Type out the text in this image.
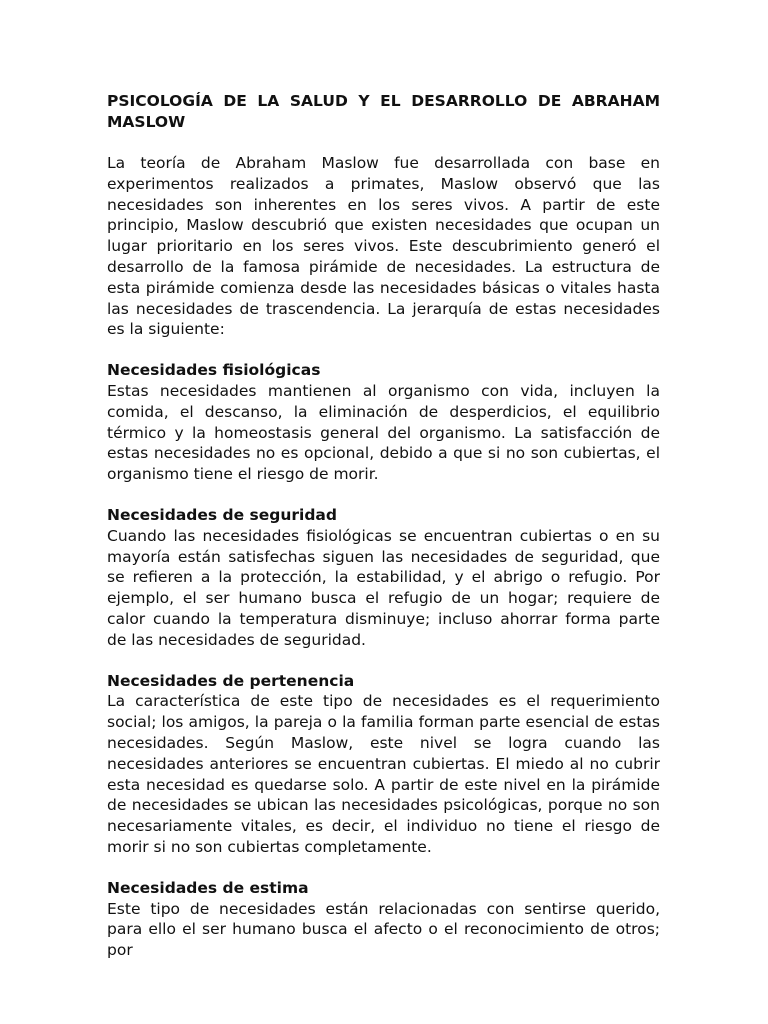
PSICOLOGÍA DE LA SALUD Y EL DESARROLLO DE ABRAHAM MASLOW

La teoría de Abraham Maslow fue desarrollada con base en experimentos realizados a primates, Maslow observó que las necesidades son inherentes en los seres vivos. A partir de este principio, Maslow descubrió que existen necesidades que ocupan un lugar prioritario en los seres vivos. Este descubrimiento generó el desarrollo de la famosa pirámide de necesidades. La estructura de esta pirámide comienza desde las necesidades básicas o vitales hasta las necesidades de trascendencia. La jerarquía de estas necesidades es la siguiente:

Necesidades fisiológicas

Estas necesidades mantienen al organismo con vida, incluyen la comida, el descanso, la eliminación de desperdicios, el equilibrio térmico y la homeostasis general del organismo. La satisfacción de estas necesidades no es opcional, debido a que si no son cubiertas, el organismo tiene el riesgo de morir.

Necesidades de seguridad

Cuando las necesidades fisiológicas se encuentran cubiertas o en su mayoría están satisfechas siguen las necesidades de seguridad, que se refieren a la protección, la estabilidad, y el abrigo o refugio. Por ejemplo, el ser humano busca el refugio de un hogar; requiere de calor cuando la temperatura disminuye; incluso ahorrar forma parte de las necesidades de seguridad.

Necesidades de pertenencia

La característica de este tipo de necesidades es el requerimiento social; los amigos, la pareja o la familia forman parte esencial de estas necesidades. Según Maslow, este nivel se logra cuando las necesidades anteriores se encuentran cubiertas. El miedo al no cubrir esta necesidad es quedarse solo. A partir de este nivel en la pirámide de necesidades se ubican las necesidades psicológicas, porque no son necesariamente vitales, es decir, el individuo no tiene el riesgo de morir si no son cubiertas completamente.

Necesidades de estima

Este tipo de necesidades están relacionadas con sentirse querido, para ello el ser humano busca el afecto o el reconocimiento de otros; por
